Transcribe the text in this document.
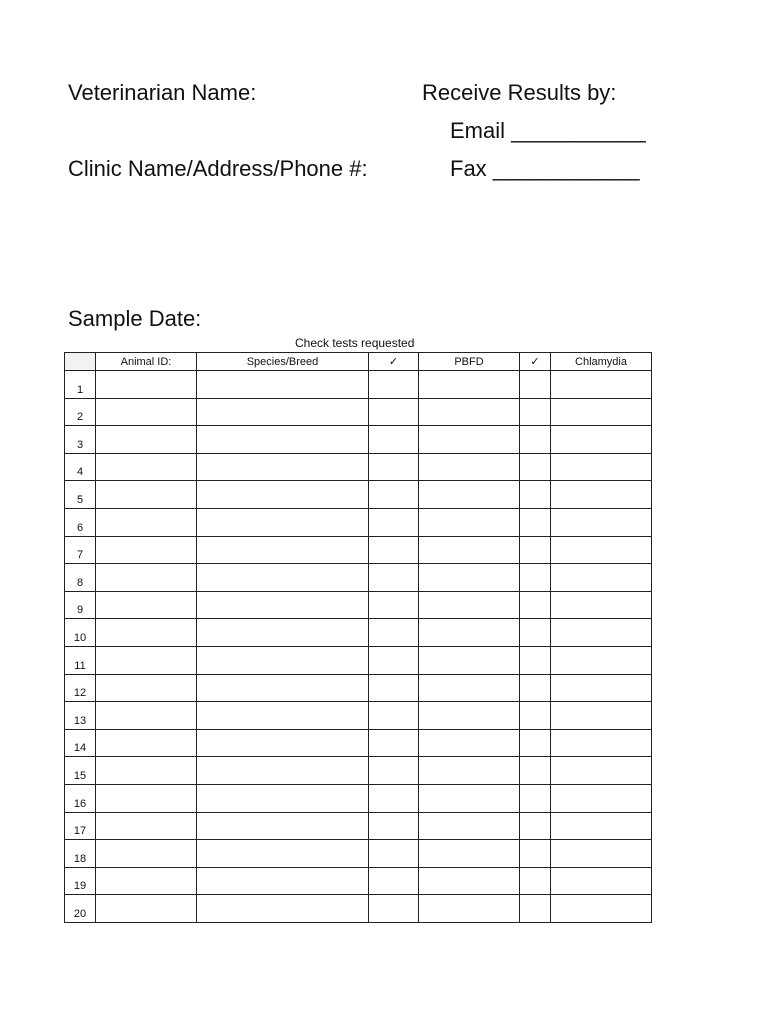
Veterinarian Name:	Receive Results by:
Email ___________
Clinic Name/Address/Phone #:	Fax ____________
Sample Date:
Check tests requested
	Animal ID:	Species/Breed	✓	PBFD	✓	Chlamydia
1						
2						
3						
4						
5						
6						
7						
8						
9						
10						
11						
12						
13						
14						
15						
16						
17						
18						
19						
20						
